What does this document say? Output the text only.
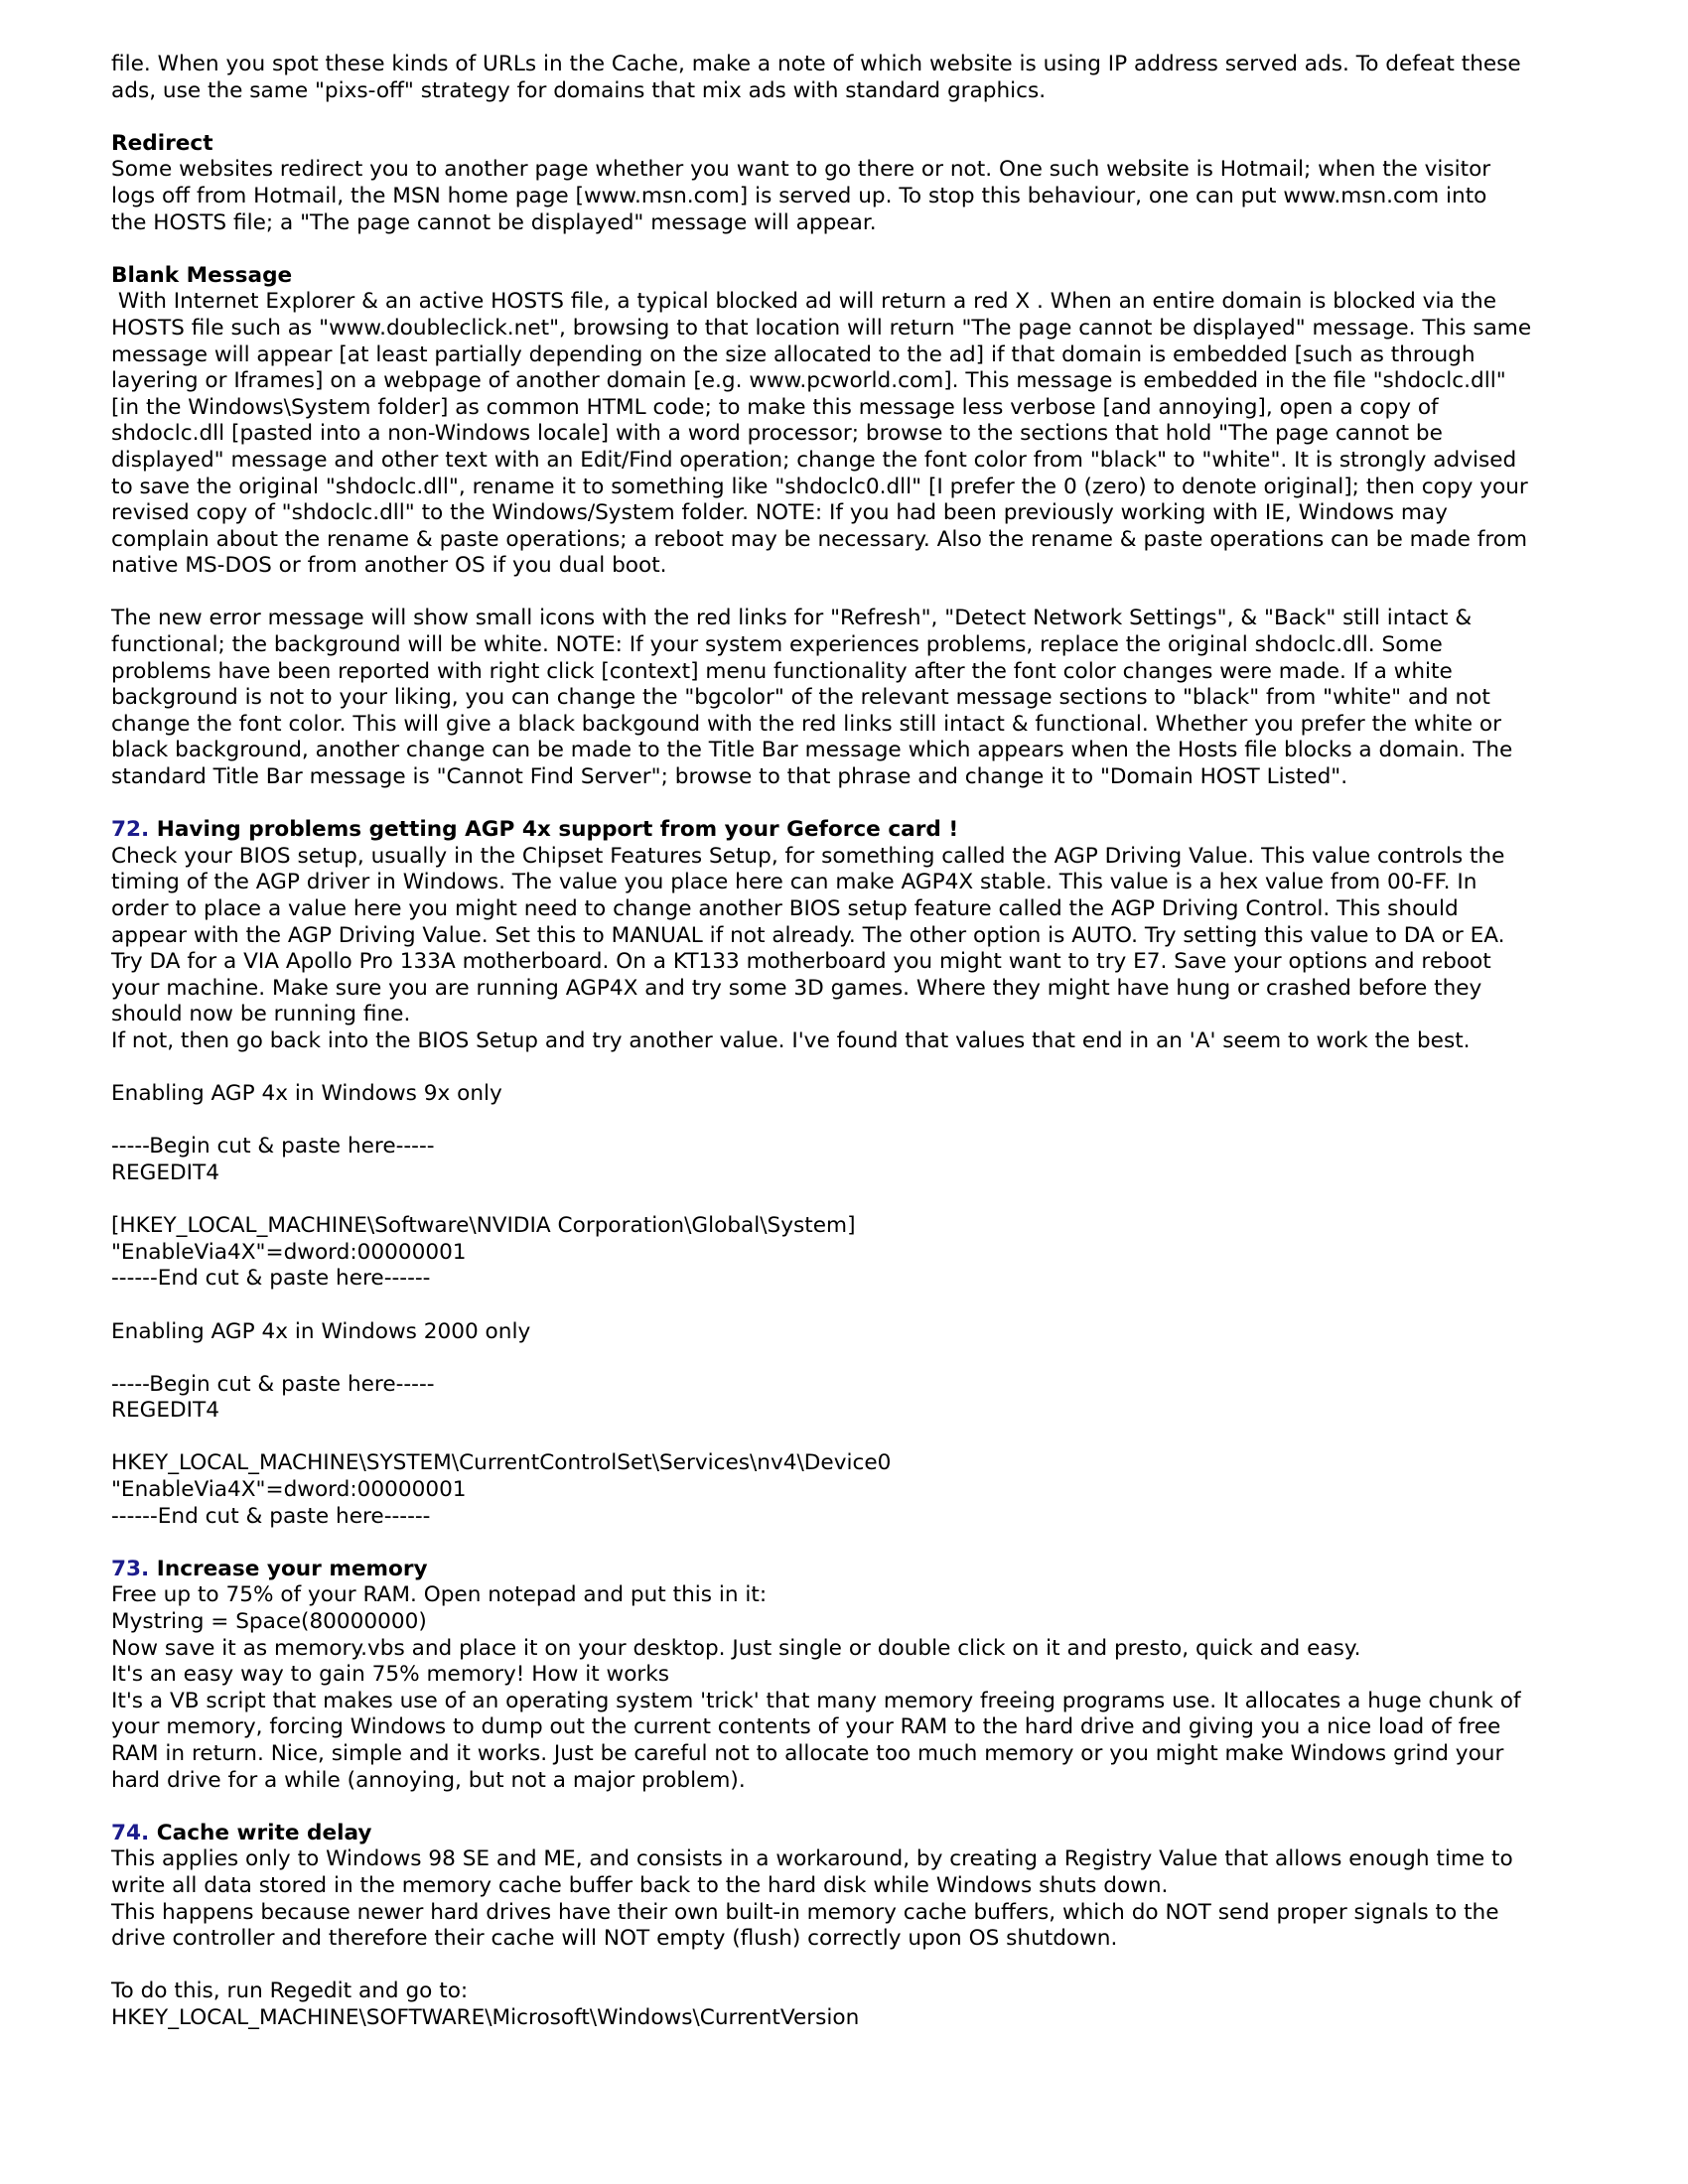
file. When you spot these kinds of URLs in the Cache, make a note of which website is using IP address served ads. To defeat these

ads, use the same "pixs-off" strategy for domains that mix ads with standard graphics.

Redirect

Some websites redirect you to another page whether you want to go there or not. One such website is Hotmail; when the visitor

logs off from Hotmail, the MSN home page [www.msn.com] is served up. To stop this behaviour, one can put www.msn.com into

the HOSTS file; a "The page cannot be displayed" message will appear.

Blank Message

With Internet Explorer & an active HOSTS file, a typical blocked ad will return a red X . When an entire domain is blocked via the

HOSTS file such as "www.doubleclick.net", browsing to that location will return "The page cannot be displayed" message. This same

message will appear [at least partially depending on the size allocated to the ad] if that domain is embedded [such as through

layering or Iframes] on a webpage of another domain [e.g. www.pcworld.com]. This message is embedded in the file "shdoclc.dll"

[in the Windows\System folder] as common HTML code; to make this message less verbose [and annoying], open a copy of

shdoclc.dll [pasted into a non-Windows locale] with a word processor; browse to the sections that hold "The page cannot be

displayed" message and other text with an Edit/Find operation; change the font color from "black" to "white". It is strongly advised

to save the original "shdoclc.dll", rename it to something like "shdoclc0.dll" [I prefer the 0 (zero) to denote original]; then copy your

revised copy of "shdoclc.dll" to the Windows/System folder. NOTE: If you had been previously working with IE, Windows may

complain about the rename & paste operations; a reboot may be necessary. Also the rename & paste operations can be made from

native MS-DOS or from another OS if you dual boot.

The new error message will show small icons with the red links for "Refresh", "Detect Network Settings", & "Back" still intact &

functional; the background will be white. NOTE: If your system experiences problems, replace the original shdoclc.dll. Some

problems have been reported with right click [context] menu functionality after the font color changes were made. If a white

background is not to your liking, you can change the "bgcolor" of the relevant message sections to "black" from "white" and not

change the font color. This will give a black backgound with the red links still intact & functional. Whether you prefer the white or

black background, another change can be made to the Title Bar message which appears when the Hosts file blocks a domain. The

standard Title Bar message is "Cannot Find Server"; browse to that phrase and change it to "Domain HOST Listed".

72. Having problems getting AGP 4x support from your Geforce card !

Check your BIOS setup, usually in the Chipset Features Setup, for something called the AGP Driving Value. This value controls the

timing of the AGP driver in Windows. The value you place here can make AGP4X stable. This value is a hex value from 00-FF. In

order to place a value here you might need to change another BIOS setup feature called the AGP Driving Control. This should

appear with the AGP Driving Value. Set this to MANUAL if not already. The other option is AUTO. Try setting this value to DA or EA.

Try DA for a VIA Apollo Pro 133A motherboard. On a KT133 motherboard you might want to try E7. Save your options and reboot

your machine. Make sure you are running AGP4X and try some 3D games. Where they might have hung or crashed before they

should now be running fine.

If not, then go back into the BIOS Setup and try another value. I've found that values that end in an 'A' seem to work the best.

Enabling AGP 4x in Windows 9x only

-----Begin cut & paste here-----

REGEDIT4

[HKEY_LOCAL_MACHINE\Software\NVIDIA Corporation\Global\System]

"EnableVia4X"=dword:00000001

------End cut & paste here------

Enabling AGP 4x in Windows 2000 only

-----Begin cut & paste here-----

REGEDIT4

HKEY_LOCAL_MACHINE\SYSTEM\CurrentControlSet\Services\nv4\Device0

"EnableVia4X"=dword:00000001

------End cut & paste here------

73. Increase your memory

Free up to 75% of your RAM. Open notepad and put this in it:

Mystring = Space(80000000)

Now save it as memory.vbs and place it on your desktop. Just single or double click on it and presto, quick and easy.

It's an easy way to gain 75% memory! How it works

It's a VB script that makes use of an operating system 'trick' that many memory freeing programs use. It allocates a huge chunk of

your memory, forcing Windows to dump out the current contents of your RAM to the hard drive and giving you a nice load of free

RAM in return. Nice, simple and it works. Just be careful not to allocate too much memory or you might make Windows grind your

hard drive for a while (annoying, but not a major problem).

74. Cache write delay

This applies only to Windows 98 SE and ME, and consists in a workaround, by creating a Registry Value that allows enough time to

write all data stored in the memory cache buffer back to the hard disk while Windows shuts down.

This happens because newer hard drives have their own built-in memory cache buffers, which do NOT send proper signals to the

drive controller and therefore their cache will NOT empty (flush) correctly upon OS shutdown.

To do this, run Regedit and go to:

HKEY_LOCAL_MACHINE\SOFTWARE\Microsoft\Windows\CurrentVersion
